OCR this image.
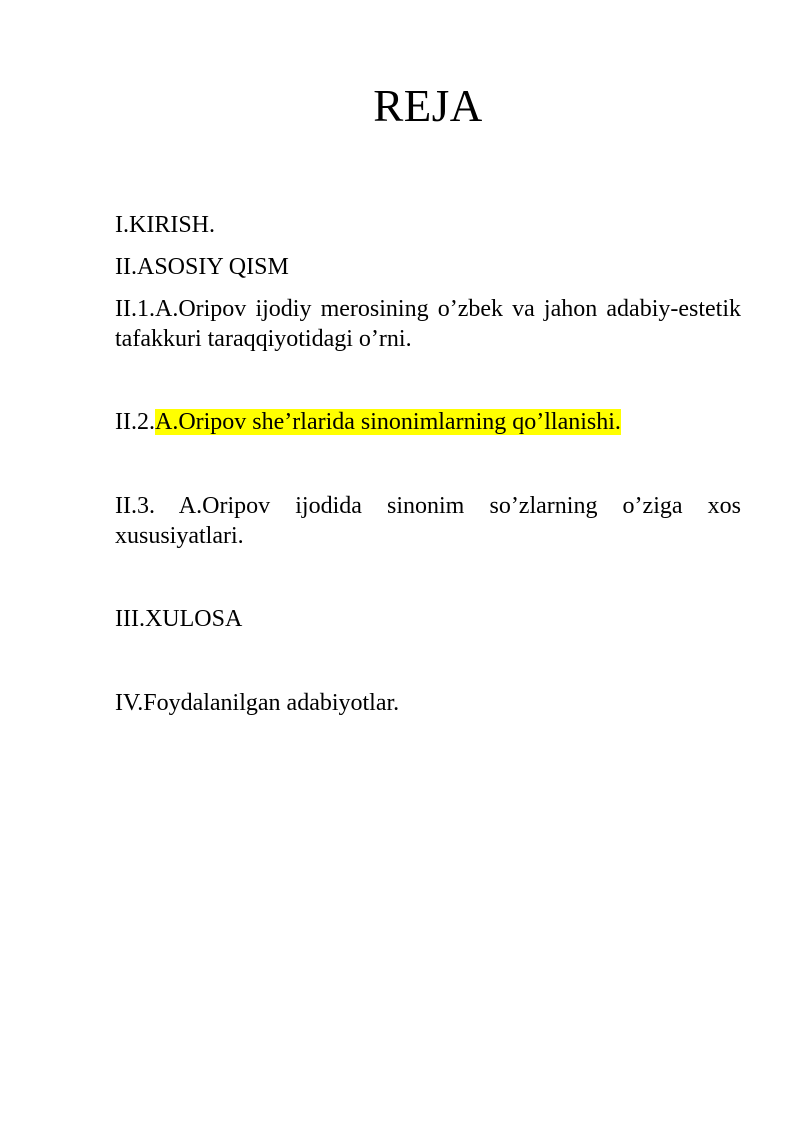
REJA
I.KIRISH.
II.ASOSIY QISM
II.1.A.Oripov ijodiy merosining o’zbek va jahon adabiy-estetik tafakkuri taraqqiyotidagi o’rni.
II.2.A.Oripov she’rlarida sinonimlarning qo’llanishi.
II.3. A.Oripov ijodida sinonim so’zlarning o’ziga xos xususiyatlari.
III.XULOSA
IV.Foydalanilgan adabiyotlar.
